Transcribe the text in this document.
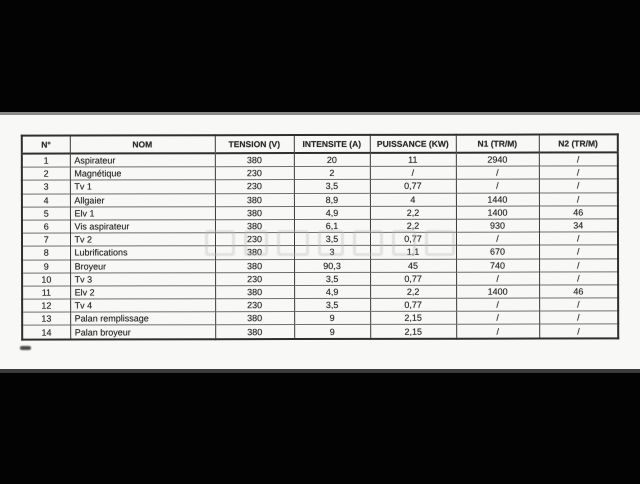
N°	NOM	TENSION (V)	INTENSITE (A)	PUISSANCE (KW)	N1 (TR/M)	N2 (TR/M)
1	Aspirateur	380	20	11	2940	/
2	Magnétique	230	2	/	/	/
3	Tv 1	230	3,5	0,77	/	/
4	Allgaier	380	8,9	4	1440	/
5	Elv 1	380	4,9	2,2	1400	46
6	Vis aspirateur	380	6,1	2,2	930	34
7	Tv 2	230	3,5	0,77	/	/
8	Lubrifications	380	3	1,1	670	/
9	Broyeur	380	90,3	45	740	/
10	Tv 3	230	3,5	0,77	/	/
11	Elv 2	380	4,9	2,2	1400	46
12	Tv 4	230	3,5	0,77	/	/
13	Palan remplissage	380	9	2,15	/	/
14	Palan broyeur	380	9	2,15	/	/
